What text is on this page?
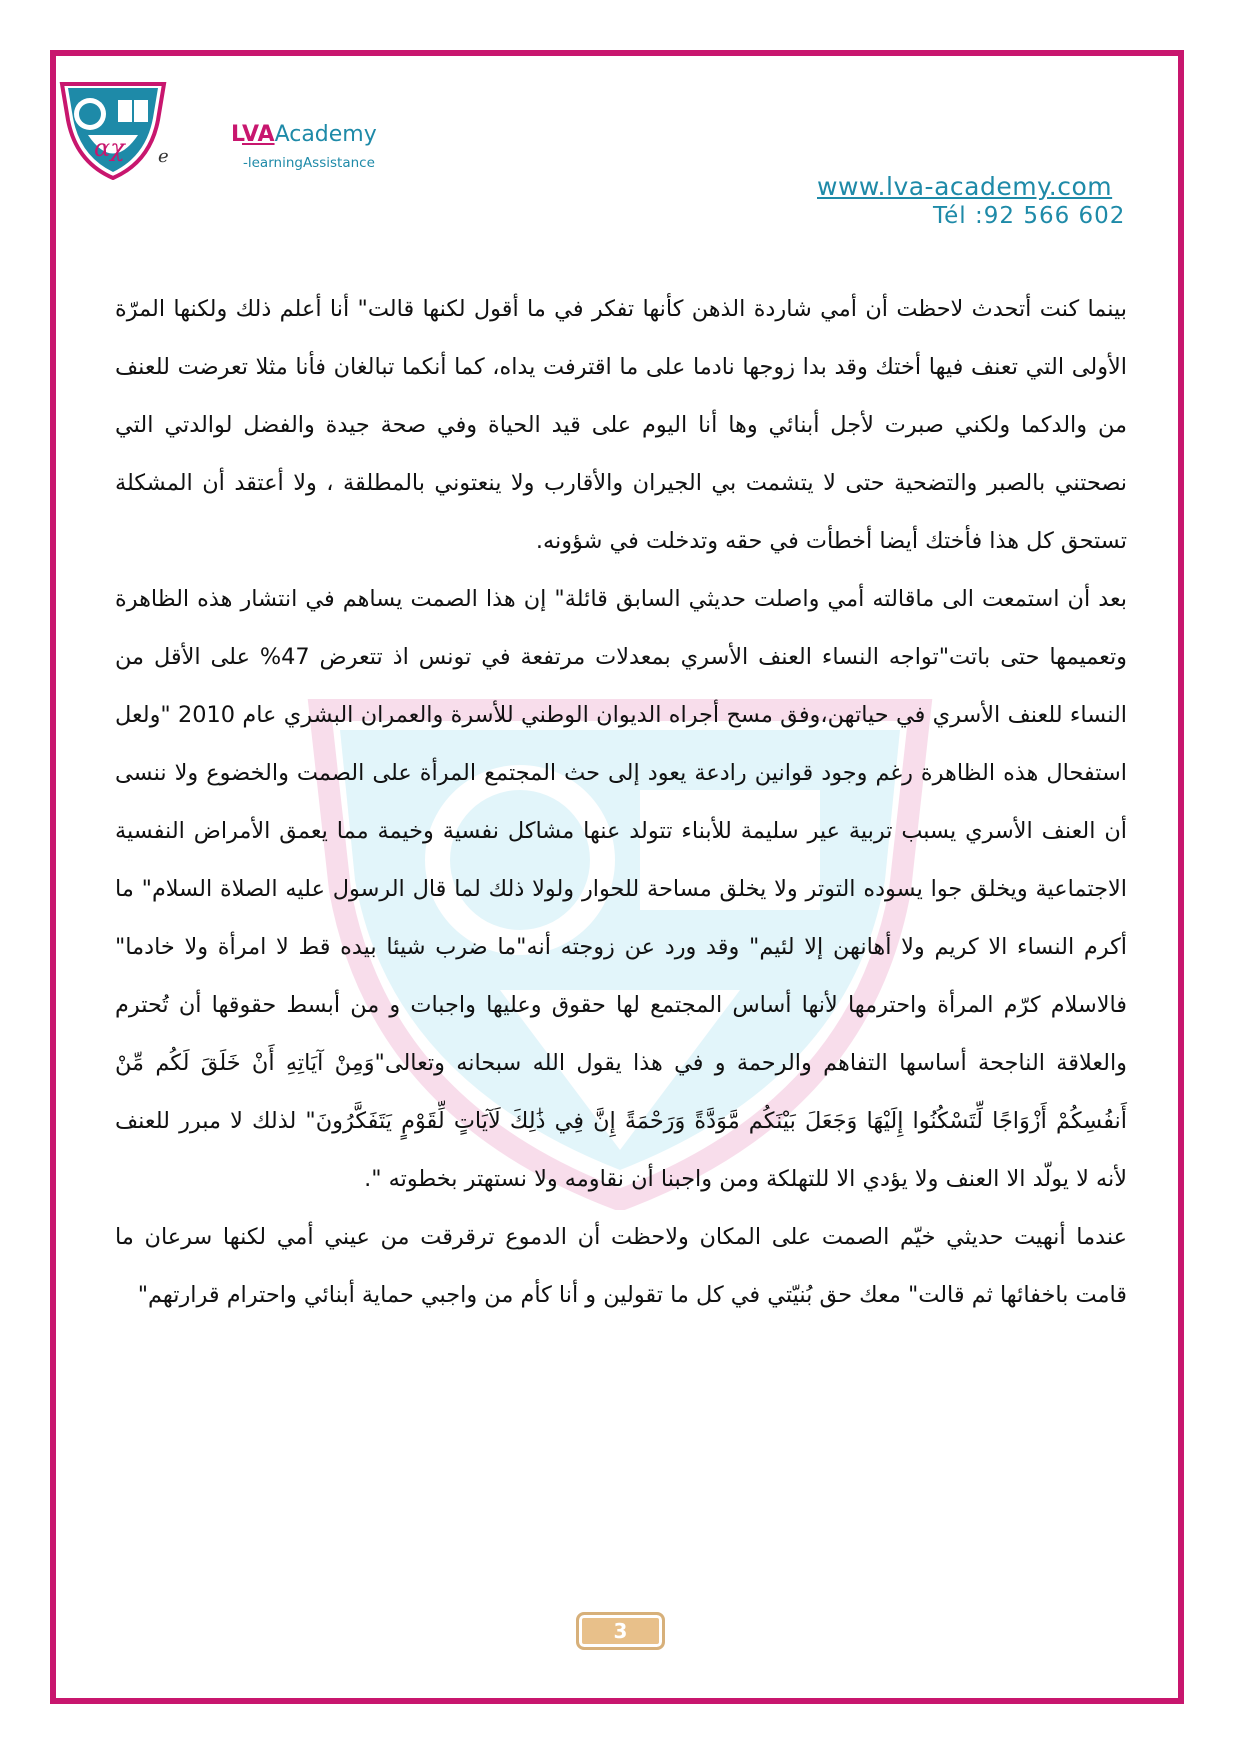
αχ e
LVAAcademy
-learningAssistance
www.lva-academy.com
Tél :92 566 602

بينما كنت أتحدث لاحظت أن أمي شاردة الذهن كأنها تفكر في ما أقول لكنها قالت" أنا أعلم ذلك ولكنها المرّة الأولى التي تعنف فيها أختك وقد بدا زوجها نادما على ما اقترفت يداه، كما أنكما تبالغان فأنا مثلا تعرضت للعنف من والدكما ولكني صبرت لأجل أبنائي وها أنا اليوم على قيد الحياة وفي صحة جيدة والفضل لوالدتي التي نصحتني بالصبر والتضحية حتى لا يتشمت بي الجيران والأقارب ولا ينعتوني بالمطلقة ، ولا أعتقد أن المشكلة تستحق كل هذا فأختك أيضا أخطأت في حقه وتدخلت في شؤونه.

بعد أن استمعت الى ماقالته أمي واصلت حديثي السابق قائلة" إن هذا الصمت يساهم في انتشار هذه الظاهرة وتعميمها حتى باتت"تواجه النساء العنف الأسري بمعدلات مرتفعة في تونس اذ تتعرض 47% على الأقل من النساء للعنف الأسري في حياتهن،وفق مسح أجراه الديوان الوطني للأسرة والعمران البشري عام 2010 "ولعل استفحال هذه الظاهرة رغم وجود قوانين رادعة يعود إلى حث المجتمع المرأة على الصمت والخضوع ولا ننسى أن العنف الأسري يسبب تربية عير سليمة للأبناء تتولد عنها مشاكل نفسية وخيمة مما يعمق الأمراض النفسية الاجتماعية ويخلق جوا يسوده التوتر ولا يخلق مساحة للحوار ولولا ذلك لما قال الرسول عليه الصلاة السلام" ما أكرم النساء الا كريم ولا أهانهن إلا لئيم" وقد ورد عن زوجته أنه"ما ضرب شيئا بيده قط لا امرأة ولا خادما" فالاسلام كرّم المرأة واحترمها لأنها أساس المجتمع لها حقوق وعليها واجبات و من أبسط حقوقها أن تُحترم والعلاقة الناجحة أساسها التفاهم والرحمة و في هذا يقول الله سبحانه وتعالى"وَمِنْ آيَاتِهِ أَنْ خَلَقَ لَكُم مِّنْ أَنفُسِكُمْ أَزْوَاجًا لِّتَسْكُنُوا إِلَيْهَا وَجَعَلَ بَيْنَكُم مَّوَدَّةً وَرَحْمَةً إِنَّ فِي ذَٰلِكَ لَآيَاتٍ لِّقَوْمٍ يَتَفَكَّرُونَ" لذلك لا مبرر للعنف لأنه لا يولّد الا العنف ولا يؤدي الا للتهلكة ومن واجبنا أن نقاومه ولا نستهتر بخطوته ".

عندما أنهيت حديثي خيّم الصمت على المكان ولاحظت أن الدموع ترقرقت من عيني أمي لكنها سرعان ما قامت باخفائها ثم قالت" معك حق بُنيّتي في كل ما تقولين و أنا كأم من واجبي حماية أبنائي واحترام قرارتهم"

3
